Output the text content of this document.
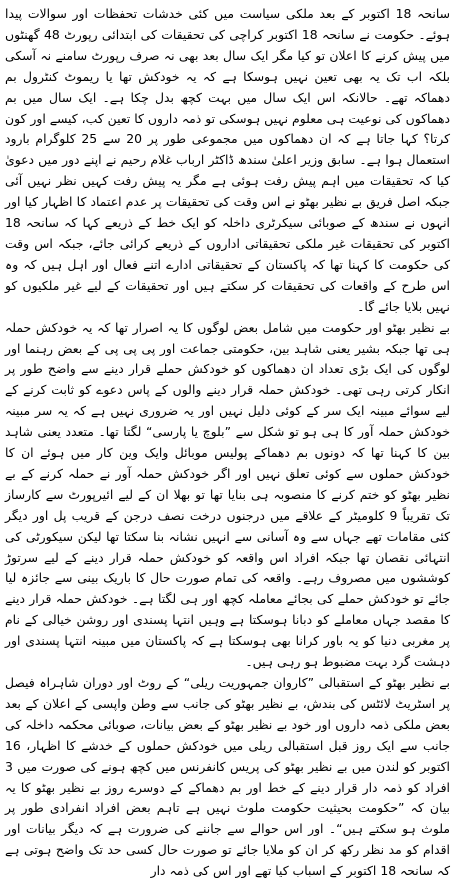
سانحہ 18 اکتوبر کے بعد ملکی سیاست میں کئی خدشات تحفظات اور سوالات پیدا ہوئے۔ حکومت نے سانحہ 18 اکتوبر کراچی کی تحقیقات کی ابتدائی رپورٹ 48 گھنٹوں میں پیش کرنے کا اعلان تو کیا مگر ایک سال بعد بھی نہ صرف رپورٹ سامنے نہ آسکی بلکہ اب تک یہ بھی تعین نہیں ہوسکا ہے کہ یہ خودکش تھا یا ریموٹ کنٹرول بم دھماکہ تھے۔ حالانکہ اس ایک سال میں بہت کچھ بدل چکا ہے۔ ایک سال میں بم دھماکوں کی نوعیت ہی معلوم نہیں ہوسکی تو ذمہ داروں کا تعین کب، کیسے اور کون کرتا؟ کہا جاتا ہے کہ ان دھماکوں میں مجموعی طور پر 20 سے 25 کلوگرام بارود استعمال ہوا ہے۔ سابق وزیر اعلیٰ سندھ ڈاکٹر ارباب غلام رحیم نے اپنے دور میں دعویٰ کیا کہ تحقیقات میں اہم پیش رفت ہوئی ہے مگر یہ پیش رفت کہیں نظر نہیں آئی جبکہ اصل فریق بے نظیر بھٹو نے اس وقت کی تحقیقات پر عدم اعتماد کا اظہار کیا اور انہوں نے سندھ کے صوبائی سیکرٹری داخلہ کو ایک خط کے ذریعے کہا کہ سانحہ 18 اکتوبر کی تحقیقات غیر ملکی تحقیقاتی اداروں کے ذریعے کرائی جائے، جبکہ اس وقت کی حکومت کا کہنا تھا کہ پاکستان کے تحقیقاتی ادارے اتنے فعال اور اہل ہیں کہ وہ اس طرح کے واقعات کی تحقیقات کر سکتے ہیں اور تحقیقات کے لیے غیر ملکیوں کو نہیں بلایا جائے گا۔

بے نظیر بھٹو اور حکومت میں شامل بعض لوگوں کا یہ اصرار تھا کہ یہ خودکش حملہ ہی تھا جبکہ بشیر یعنی شاہد بین، حکومتی جماعت اور پی پی پی کے بعض رہنما اور لوگوں کی ایک بڑی تعداد ان دھماکوں کو خودکش حملے قرار دینے سے واضح طور پر انکار کرتی رہی تھی۔ خودکش حملہ قرار دینے والوں کے پاس دعوے کو ثابت کرنے کے لیے سوائے مبینہ ایک سر کے کوئی دلیل نہیں اور یہ ضروری نہیں ہے کہ یہ سر مبینہ خودکش حملہ آور کا ہی ہو تو شکل سے ”بلوچ یا پارسی“ لگتا تھا۔ متعدد یعنی شاہد بین کا کہنا تھا کہ دونوں بم دھماکے پولیس موبائل وایک وین کار میں ہوئے ان کا خودکش حملوں سے کوئی تعلق نہیں اور اگر خودکش حملہ آور نے حملہ کرنے کے بے نظیر بھٹو کو ختم کرنے کا منصوبہ ہی بنایا تھا تو بھلا ان کے لیے ائیرپورٹ سے کارساز تک تقریباً 9 کلومیٹر کے علاقے میں درجنوں درخت نصف درجن کے قریب پل اور دیگر کئی مقامات تھے جہاں سے وہ آسانی سے انہیں نشانہ بنا سکتا تھا لیکن سیکورٹی کی انتہائی نقصان تھا جبکہ افراد اس واقعہ کو خودکش حملہ قرار دینے کے لیے سرتوڑ کوششوں میں مصروف رہے۔ واقعہ کی تمام صورت حال کا باریک بینی سے جائزہ لیا جائے تو خودکش حملے کی بجائے معاملہ کچھ اور ہی لگتا ہے۔ خودکش حملہ قرار دینے کا مقصد جہاں معاملے کو دبانا ہوسکتا ہے وہیں انتہا پسندی اور روشن خیالی کے نام پر مغربی دنیا کو یہ باور کرانا بھی ہوسکتا ہے کہ پاکستان میں مبینہ انتہا پسندی اور دہشت گرد بہت مضبوط ہو رہی ہیں۔

بے نظیر بھٹو کے استقبالی ”کاروان جمہوریت ریلی“ کے روٹ اور دوران شاہراہ فیصل پر اسٹریٹ لائٹس کی بندش، بے نظیر بھٹو کی جانب سے وطن واپسی کے اعلان کے بعد بعض ملکی ذمہ داروں اور خود بے نظیر بھٹو کے بعض بیانات، صوبائی محکمہ داخلہ کی جانب سے ایک روز قبل استقبالی ریلی میں خودکش حملوں کے خدشے کا اظہار، 16 اکتوبر کو لندن میں بے نظیر بھٹو کی پریس کانفرنس میں کچھ ہونے کی صورت میں 3 افراد کو ذمہ دار قرار دینے کے خط اور بم دھماکے کے دوسرے روز بے نظیر بھٹو کا یہ بیان کہ ”حکومت بحیثیت حکومت ملوث نہیں ہے تاہم بعض افراد انفرادی طور پر ملوث ہو سکتے ہیں“۔ اور اس حوالے سے جاننے کی ضرورت ہے کہ دیگر بیانات اور اقدام کو مد نظر رکھ کر ان کو ملایا جائے تو صورت حال کسی حد تک واضح ہوتی ہے کہ سانحہ 18 اکتوبر کے اسباب کیا تھے اور اس کی ذمہ دار
